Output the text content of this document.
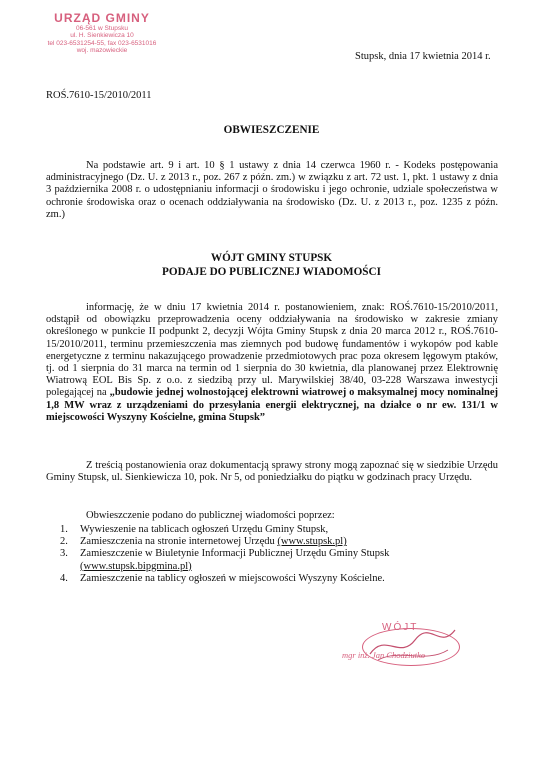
URZĄD GMINY
06-561 w Stupsku
ul. H. Sienkiewicza 10
tel 023-6531254-55, fax 023-6531016
woj. mazowieckie
Stupsk, dnia 17 kwietnia 2014 r.
ROŚ.7610-15/2010/2011
OBWIESZCZENIE

Na podstawie art. 9 i art. 10 § 1 ustawy z dnia 14 czerwca 1960 r. - Kodeks postępowania administracyjnego (Dz. U. z 2013 r., poz. 267 z późn. zm.) w związku z art. 72 ust. 1, pkt. 1 ustawy z dnia 3 października 2008 r. o udostępnianiu informacji o środowisku i jego ochronie, udziale społeczeństwa w ochronie środowiska oraz o ocenach oddziaływania na środowisko (Dz. U. z 2013 r., poz. 1235 z późn. zm.)

WÓJT GMINY STUPSK
PODAJE DO PUBLICZNEJ WIADOMOŚCI

informację, że w dniu 17 kwietnia 2014 r. postanowieniem, znak: ROŚ.7610-15/2010/2011, odstąpił od obowiązku przeprowadzenia oceny oddziaływania na środowisko w zakresie zmiany określonego w punkcie II podpunkt 2, decyzji Wójta Gminy Stupsk z dnia 20 marca 2012 r., ROŚ.7610-15/2010/2011, terminu przemieszczenia mas ziemnych pod budowę fundamentów i wykopów pod kable energetyczne z terminu nakazującego prowadzenie przedmiotowych prac poza okresem lęgowym ptaków, tj. od 1 sierpnia do 31 marca na termin od 1 sierpnia do 30 kwietnia, dla planowanej przez Elektrownię Wiatrową EOL Bis Sp. z o.o. z siedzibą przy ul. Marywilskiej 38/40, 03-228 Warszawa inwestycji polegającej na „budowie jednej wolnostojącej elektrowni wiatrowej o maksymalnej mocy nominalnej 1,8 MW wraz z urządzeniami do przesyłania energii elektrycznej, na działce o nr ew. 131/1 w miejscowości Wyszyny Kościelne, gmina Stupsk”

Z treścią postanowienia oraz dokumentacją sprawy strony mogą zapoznać się w siedzibie Urzędu Gminy Stupsk, ul. Sienkiewicza 10, pok. Nr 5, od poniedziałku do piątku w godzinach pracy Urzędu.

Obwieszczenie podano do publicznej wiadomości poprzez:

1.	Wywieszenie na tablicach ogłoszeń Urzędu Gminy Stupsk,
2.	Zamieszczenia na stronie internetowej Urzędu (www.stupsk.pl)
3.	Zamieszczenie w Biuletynie Informacji Publicznej Urzędu Gminy Stupsk (www.stupsk.bipgmina.pl)
4.	Zamieszczenie na tablicy ogłoszeń w miejscowości Wyszyny Kościelne.
WÓJT
mgr inż. Jan Chodziutko
